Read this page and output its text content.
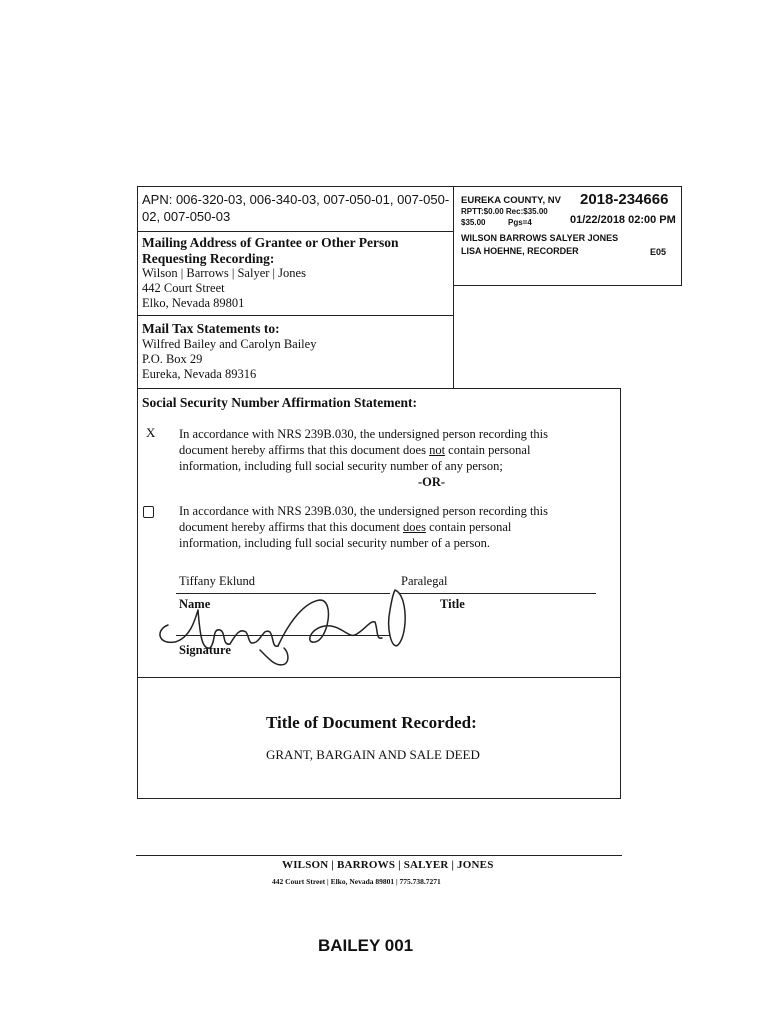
APN: 006-320-03, 006-340-03, 007-050-01, 007-050-
02, 007-050-03
EUREKA COUNTY, NV 2018-234666
RPTT:$0.00 Rec:$35.00
$35.00	Pgs=4	01/22/2018 02:00 PM
WILSON BARROWS SALYER JONES
LISA HOEHNE, RECORDER	E05
Mailing Address of Grantee or Other Person
Requesting Recording:
Wilson | Barrows | Salyer | Jones
442 Court Street
Elko, Nevada 89801
Mail Tax Statements to:
Wilfred Bailey and Carolyn Bailey
P.O. Box 29
Eureka, Nevada 89316
Social Security Number Affirmation Statement:
X In accordance with NRS 239B.030, the undersigned person recording this
document hereby affirms that this document does not contain personal
information, including full social security number of any person;
-OR-
In accordance with NRS 239B.030, the undersigned person recording this
document hereby affirms that this document does contain personal
information, including full social security number of a person.
Tiffany Eklund	Paralegal
Name	Title
Signature
Title of Document Recorded:
GRANT, BARGAIN AND SALE DEED
WILSON | BARROWS | SALYER | JONES
442 Court Street | Elko, Nevada 89801 | 775.738.7271
BAILEY 001
